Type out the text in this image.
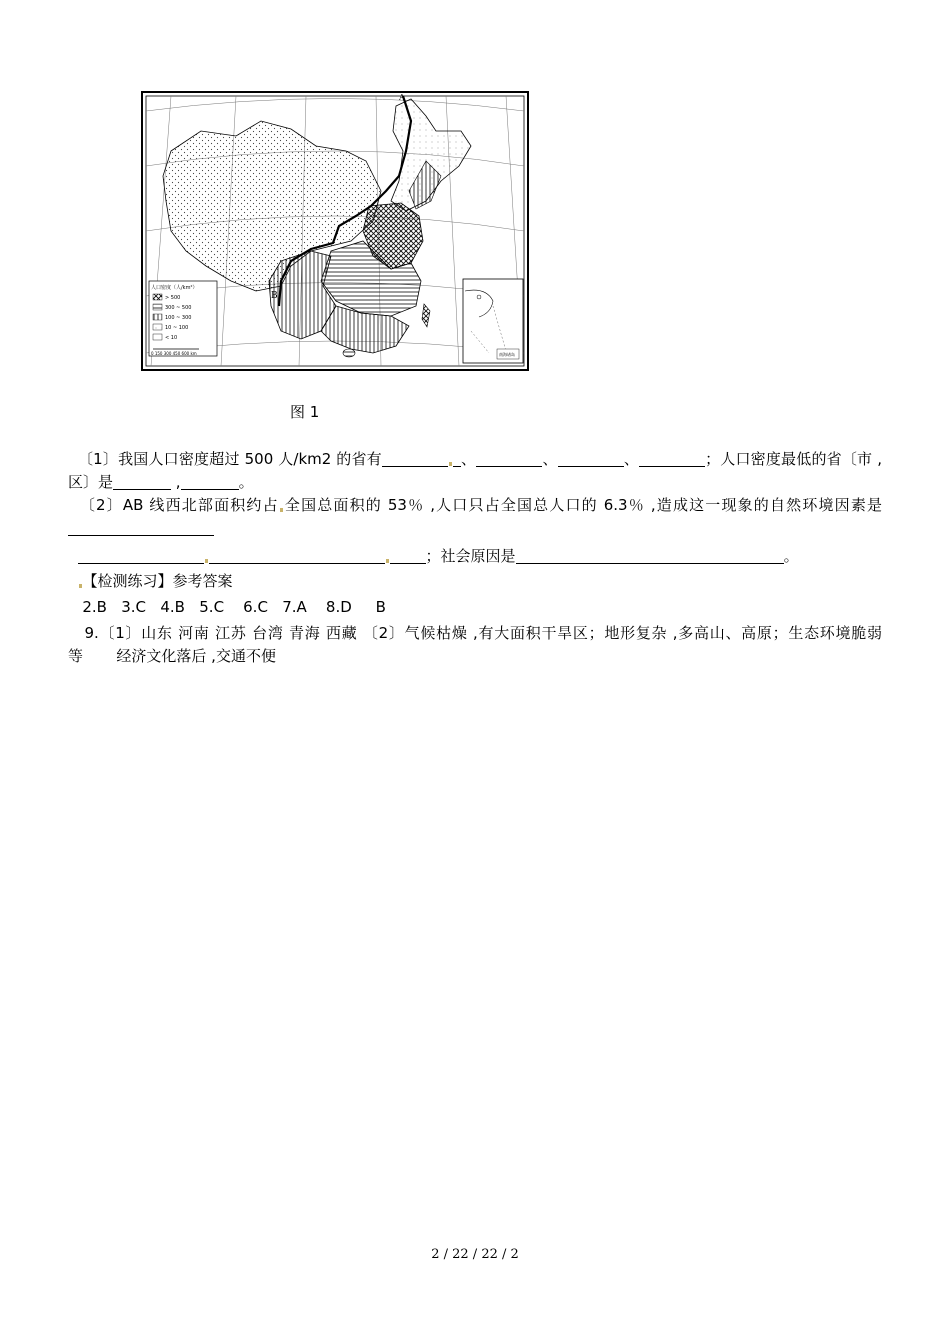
A
B
人口密度（人/km²）
> 500
300 ~ 500
100 ~ 300
10 ~ 100
< 10
0 150 300 450 600 km	南海诸岛
图 1

〔1〕我国人口密度超过 500 人/km2 的省有	、	、	、	；人口密度最低的省〔市 ,区〕是	,	。

〔2〕AB 线西北部面积约占 全国总面积的 53％ ,人口只占全国总人口的 6.3％ ,造成这一现象的自然环境因素是

；社会原因是	。

【检测练习】参考答案

2.B 3.C 4.B 5.C 6.C 7.A 8.D B

9.〔1〕山东 河南 江苏 台湾 青海 西藏 〔2〕气候枯燥 ,有大面积干旱区；地形复杂 ,多高山、高原；生态环境脆弱等 经济文化落后 ,交通不便

2 / 22 / 22 / 2
